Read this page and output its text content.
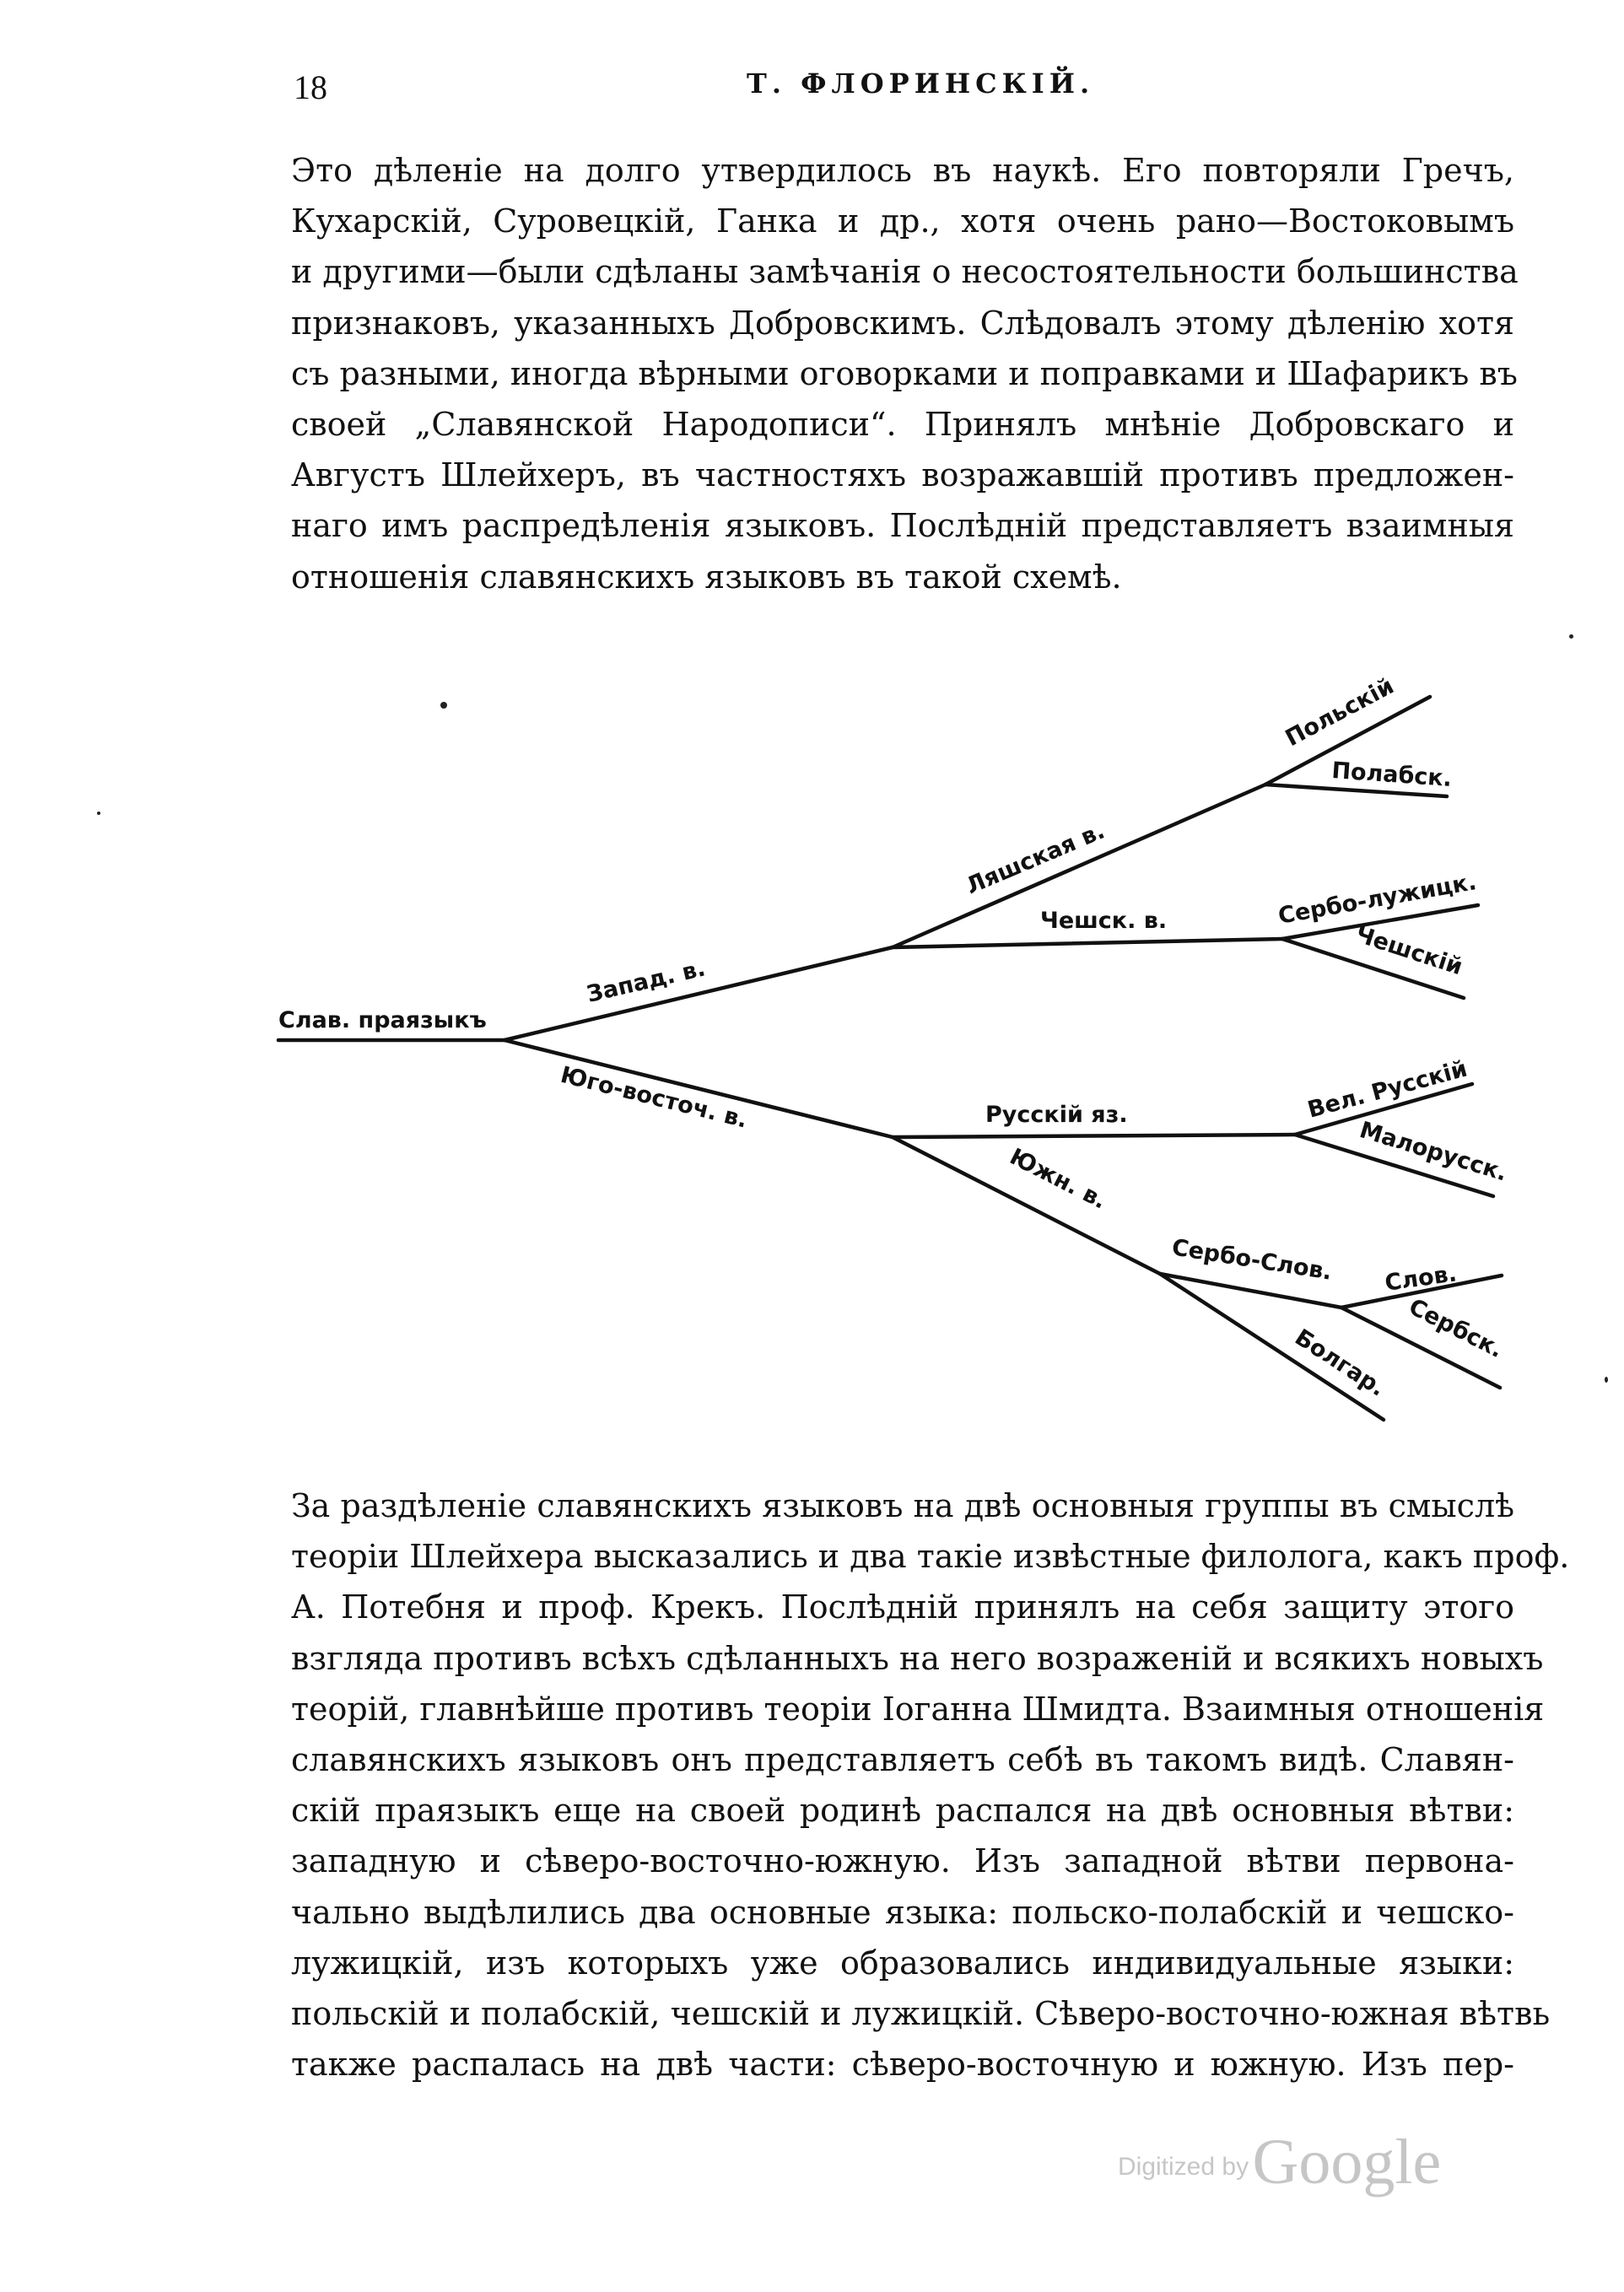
18	Т. ФЛОРИНСКІЙ.
Это дѣленіе на долго утвердилось въ наукѣ. Его повторяли Гречъ,
Кухарскій, Суровецкій, Ганка и др., хотя очень рано—Востоковымъ
и другими—были сдѣланы замѣчанія о несостоятельности большинства
признаковъ, указанныхъ Добровскимъ. Слѣдовалъ этому дѣленію хотя
съ разными, иногда вѣрными оговорками и поправками и Шафарикъ въ
своей „Славянской Народописи“. Принялъ мнѣніе Добровскаго и
Августъ Шлейхеръ, въ частностяхъ возражавшій противъ предложен-
наго имъ распредѣленія языковъ. Послѣдній представляетъ взаимныя
отношенія славянскихъ языковъ въ такой схемѣ.
Слав. праязыкъ
Запад. в.
Юго-восточ. в.
Ляшская в.
Чешск. в.
Польскій
Полабск.
Сербо-лужицк.
Чешскій
Русскій яз.	Вел. Русскій
Малорусск.
Южн. в.
Сербо-Слов. Слов.
Сербск.
Болгар.
За раздѣленіе славянскихъ языковъ на двѣ основныя группы въ смыслѣ
теоріи Шлейхера высказались и два такіе извѣстные филолога, какъ проф.
А. Потебня и проф. Крекъ. Послѣдній принялъ на себя защиту этого
взгляда противъ всѣхъ сдѣланныхъ на него возраженій и всякихъ новыхъ
теорій, главнѣйше противъ теоріи Іоганна Шмидта. Взаимныя отношенія
славянскихъ языковъ онъ представляетъ себѣ въ такомъ видѣ. Славян-
скій праязыкъ еще на своей родинѣ распался на двѣ основныя вѣтви:
западную и сѣверо-восточно-южную. Изъ западной вѣтви первона-
чально выдѣлились два основные языка: польско-полабскій и чешско-
лужицкій, изъ которыхъ уже образовались индивидуальные языки:
польскій и полабскій, чешскій и лужицкій. Сѣверо-восточно-южная вѣтвь
также распалась на двѣ части: сѣверо-восточную и южную. Изъ пер-
Digitized by Google
